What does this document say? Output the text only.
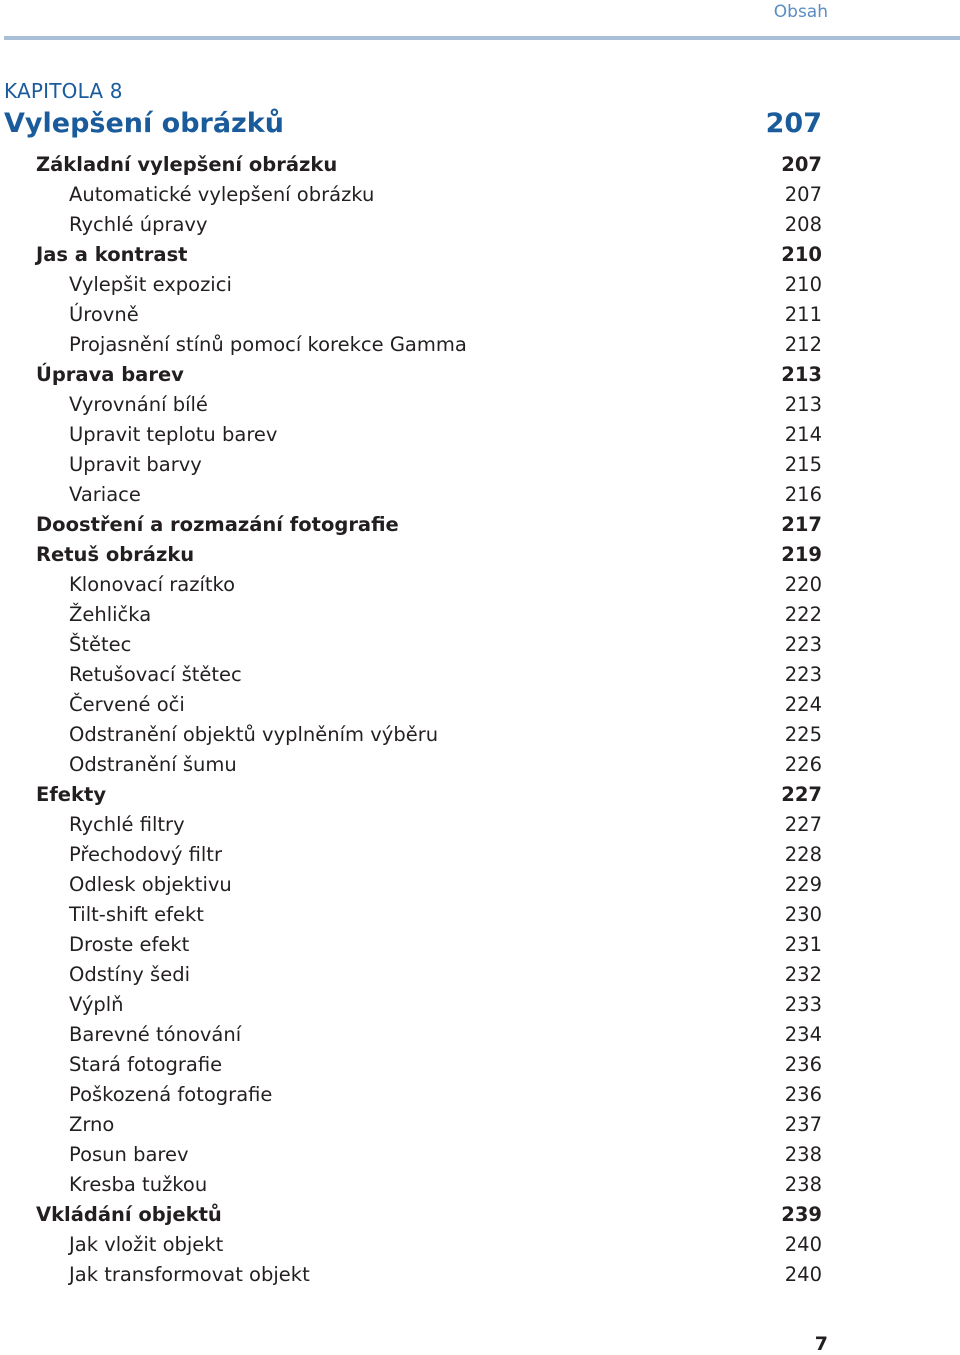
Obsah
KAPITOLA 8
Vylepšení obrázků	207
Základní vylepšení obrázku	207
Automatické vylepšení obrázku	207
Rychlé úpravy	208
Jas a kontrast	210
Vylepšit expozici	210
Úrovně	211
Projasnění stínů pomocí korekce Gamma	212
Úprava barev	213
Vyrovnání bílé	213
Upravit teplotu barev	214
Upravit barvy	215
Variace	216
Doostření a rozmazání fotografie	217
Retuš obrázku	219
Klonovací razítko	220
Žehlička	222
Štětec	223
Retušovací štětec	223
Červené oči	224
Odstranění objektů vyplněním výběru	225
Odstranění šumu	226
Efekty	227
Rychlé filtry	227
Přechodový filtr	228
Odlesk objektivu	229
Tilt-shift efekt	230
Droste efekt	231
Odstíny šedi	232
Výplň	233
Barevné tónování	234
Stará fotografie	236
Poškozená fotografie	236
Zrno	237
Posun barev	238
Kresba tužkou	238
Vkládání objektů	239
Jak vložit objekt	240
Jak transformovat objekt	240
7
